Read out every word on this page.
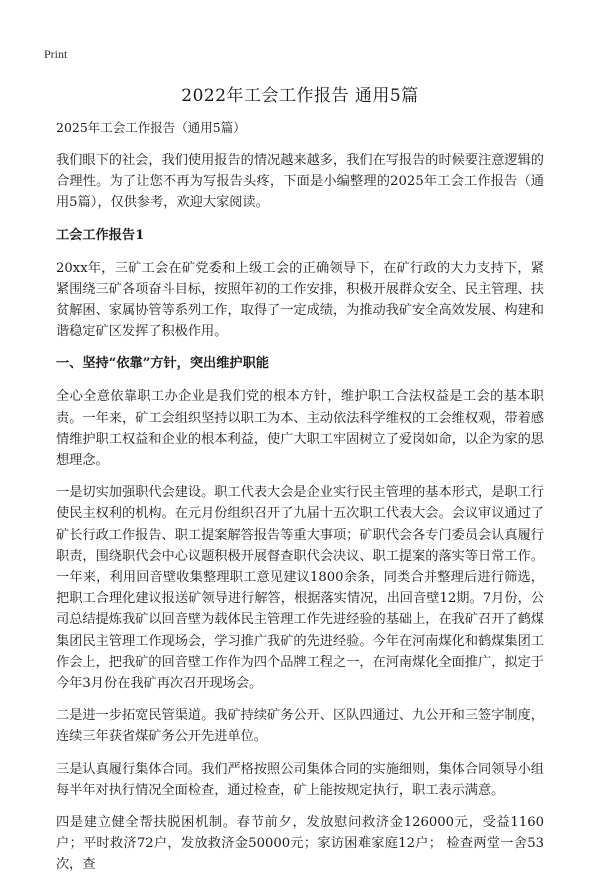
Print
2022年工会工作报告 通用5篇
2025年工会工作报告（通用5篇）

我们眼下的社会，我们使用报告的情况越来越多，我们在写报告的时候要注意逻辑的合理性。为了让您不再为写报告头疼，下面是小编整理的2025年工会工作报告（通用5篇），仅供参考，欢迎大家阅读。

工会工作报告1

20xx年，三矿工会在矿党委和上级工会的正确领导下，在矿行政的大力支持下，紧紧围绕三矿各项奋斗目标，按照年初的工作安排，积极开展群众安全、民主管理、扶贫解困、家属协管等系列工作，取得了一定成绩，为推动我矿安全高效发展、构建和谐稳定矿区发挥了积极作用。

一、坚持“依靠”方针，突出维护职能

全心全意依靠职工办企业是我们党的根本方针，维护职工合法权益是工会的基本职责。一年来，矿工会组织坚持以职工为本、主动依法科学维权的工会维权观，带着感情维护职工权益和企业的根本利益，使广大职工牢固树立了爱岗如命，以企为家的思想理念。

一是切实加强职代会建设。职工代表大会是企业实行民主管理的基本形式，是职工行使民主权利的机构。在元月份组织召开了九届十五次职工代表大会。会议审议通过了矿长行政工作报告、职工提案解答报告等重大事项；矿职代会各专门委员会认真履行职责，围绕职代会中心议题积极开展督查职代会决议、职工提案的落实等日常工作。一年来，利用回音壁收集整理职工意见建议1800余条，同类合并整理后进行筛选，把职工合理化建议报送矿领导进行解答，根据落实情况，出回音壁12期。7月份，公司总结提炼我矿以回音壁为载体民主管理工作先进经验的基础上，在我矿召开了鹤煤集团民主管理工作现场会，学习推广我矿的先进经验。今年在河南煤化和鹤煤集团工作会上，把我矿的回音壁工作作为四个品牌工程之一，在河南煤化全面推广，拟定于今年3月份在我矿再次召开现场会。

二是进一步拓宽民管渠道。我矿持续矿务公开、区队四通过、九公开和三签字制度，连续三年获省煤矿务公开先进单位。

三是认真履行集体合同。我们严格按照公司集体合同的实施细则，集体合同领导小组每半年对执行情况全面检查，通过检查，矿上能按规定执行，职工表示满意。

四是建立健全帮扶脱困机制。春节前夕，发放慰问救济金126000元，受益1160户；平时救济72户，发放救济金50000元；家访困难家庭12户； 检查两堂一舍53次，查
